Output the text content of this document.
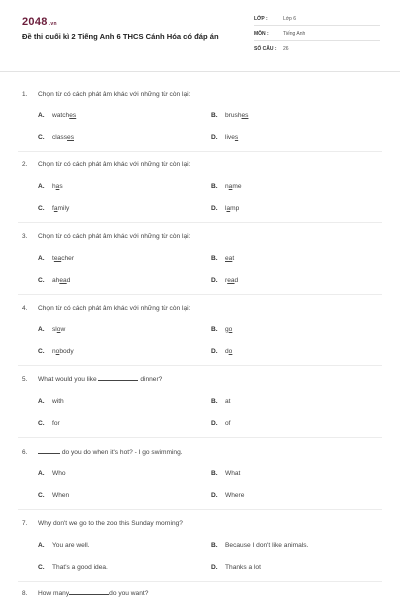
2048.vn
Đề thi cuối kì 2 Tiếng Anh 6 THCS Cánh Hóa có đáp án
LỚP :	Lớp 6
MÔN :	Tiếng Anh
SỐ CÂU : 26
1. Chọn từ có cách phát âm khác với những từ còn lại:
A. watches	B. brushes
C. classes	D. lives
2. Chọn từ có cách phát âm khác với những từ còn lại:
A. has	B. name
C. family	D. lamp
3. Chọn từ có cách phát âm khác với những từ còn lại:
A. teacher	B. eat
C. ahead	D. read
4. Chọn từ có cách phát âm khác với những từ còn lại:
A. slow	B. go
C. nobody	D. do
5. What would you like	dinner?
A. with	B. at
C. for	D. of
6.	do you do when it's hot? - I go swimming.
A. Who	B. What
C. When	D. Where
7. Why don't we go to the zoo this Sunday morning?
A. You are well.	B. Because I don't like animals.
C. That's a good idea.	D. Thanks a lot
8. How many	do you want?
